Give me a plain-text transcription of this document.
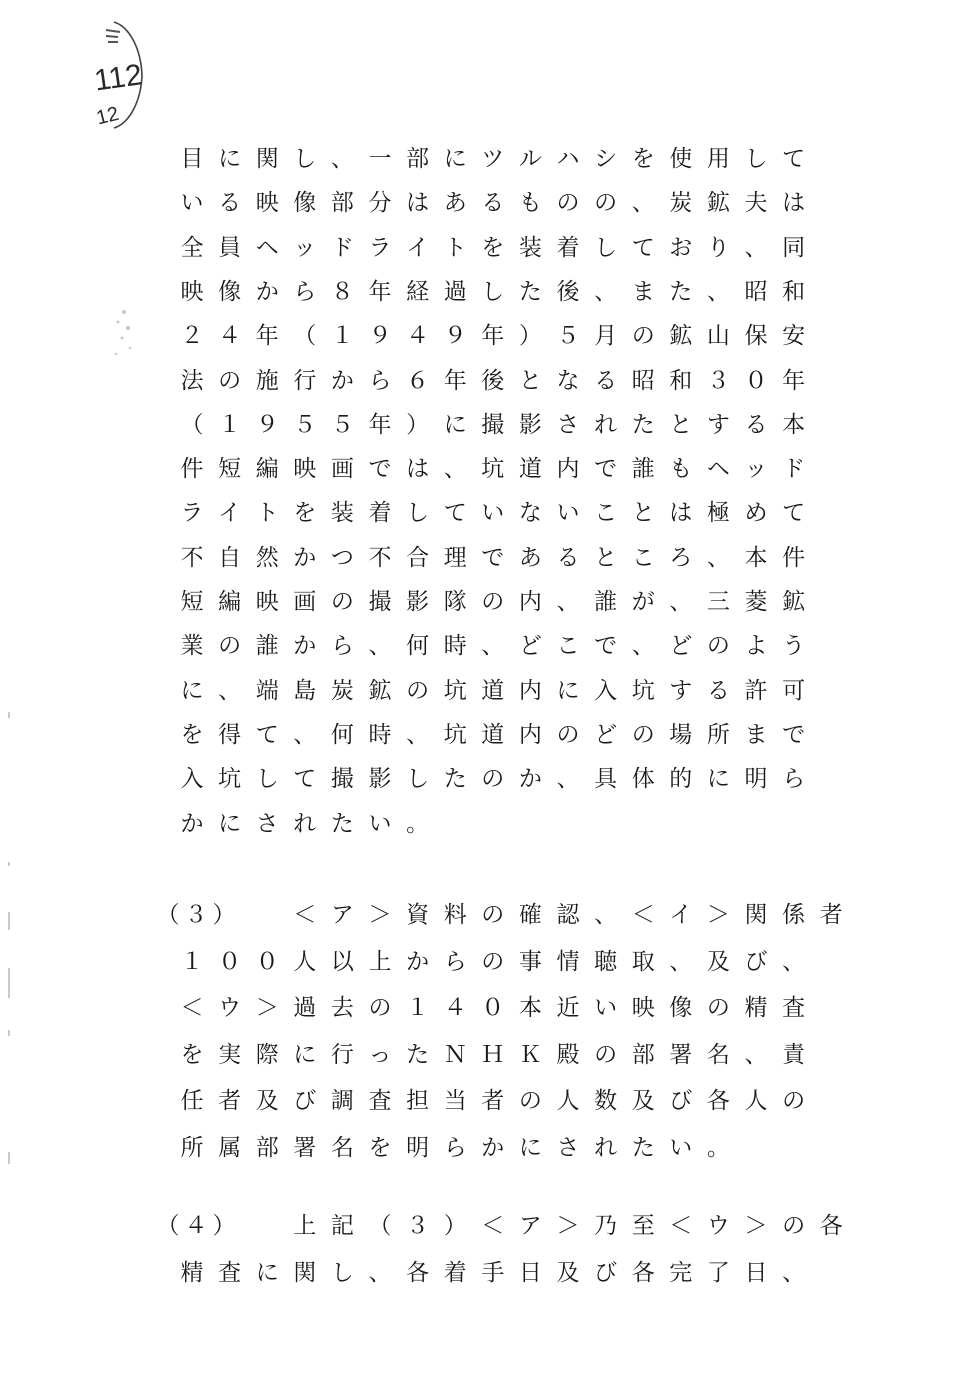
112
12
目 に 関 し 、 一 部 に ツ ル ハ シ を 使 用 し て
い る 映 像 部 分 は あ る も の の 、 炭 鉱 夫 は
全 員 ヘ ッ ド ラ イ ト を 装 着 し て お り 、 同
映 像 か ら ８ 年 経 過 し た 後 、 ま た 、 昭 和
２ ４ 年 （ １ ９ ４ ９ 年 ） ５ 月 の 鉱 山 保 安
法 の 施 行 か ら ６ 年 後 と な る 昭 和 ３ ０ 年
（ １ ９ ５ ５ 年 ） に 撮 影 さ れ た と す る 本
件 短 編 映 画 で は 、 坑 道 内 で 誰 も ヘ ッ ド
ラ イ ト を 装 着 し て い な い こ と は 極 め て
不 自 然 か つ 不 合 理 で あ る と こ ろ 、 本 件
短 編 映 画 の 撮 影 隊 の 内 、 誰 が 、 三 菱 鉱
業 の 誰 か ら 、 何 時 、 ど こ で 、 ど の よ う
に 、 端 島 炭 鉱 の 坑 道 内 に 入 坑 す る 許 可
を 得 て 、 何 時 、 坑 道 内 の ど の 場 所 ま で
入 坑 し て 撮 影 し た の か 、 具 体 的 に 明 ら
か に さ れ た い 。
（ ３ ）	＜ ア ＞ 資 料 の 確 認 、 ＜ イ ＞ 関 係 者
１ ０ ０ 人 以 上 か ら の 事 情 聴 取 、 及 び 、
＜ ウ ＞ 過 去 の １ ４ ０ 本 近 い 映 像 の 精 査
を 実 際 に 行 っ た Ｎ Ｈ Ｋ 殿 の 部 署 名 、 責
任 者 及 び 調 査 担 当 者 の 人 数 及 び 各 人 の
所 属 部 署 名 を 明 ら か に さ れ た い 。
（ ４ ）	上 記 （ ３ ） ＜ ア ＞ 乃 至 ＜ ウ ＞ の 各
精 査 に 関 し 、 各 着 手 日 及 び 各 完 了 日 、
